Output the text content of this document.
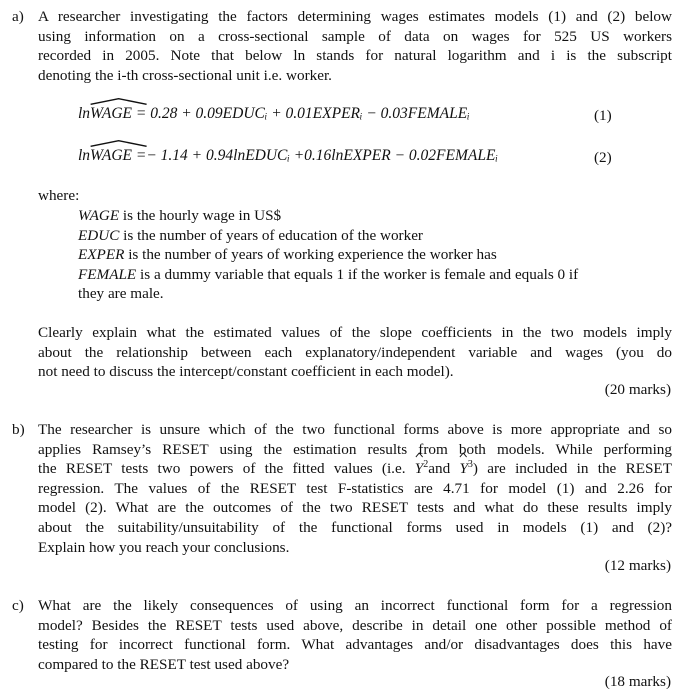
a) A researcher investigating the factors determining wages estimates models (1) and (2) below
using information on a cross-sectional sample of data on wages for 525 US workers
recorded in 2005. Note that below ln stands for natural logarithm and i is the subscript
denoting the i-th cross-sectional unit i.e. worker.
lnWAGE = 0.28 + 0.09EDUCᵢ + 0.01EXPERᵢ − 0.03FEMALEᵢ	(1)
lnWAGE =− 1.14 + 0.94lnEDUCᵢ +0.16lnEXPER − 0.02FEMALEᵢ	(2)
where:
WAGE is the hourly wage in US$
EDUC is the number of years of education of the worker
EXPER is the number of years of working experience the worker has
FEMALE is a dummy variable that equals 1 if the worker is female and equals 0 if
they are male.
Clearly explain what the estimated values of the slope coefficients in the two models imply
about the relationship between each explanatory/independent variable and wages (you do
not need to discuss the intercept/constant coefficient in each model).
(20 marks)
b) The researcher is unsure which of the two functional forms above is more appropriate and so
applies Ramsey’s RESET using the estimation results from both models. While performing
the RESET tests two powers of the fitted values (i.e.
$Y^2and$
$Y^3$) are included in the RESET
regression. The values of the RESET test F-statistics are 4.71 for model (1) and 2.26 for
model (2). What are the outcomes of the two RESET tests and what do these results imply
about the suitability/unsuitability of the functional forms used in models (1) and (2)?
Explain how you reach your conclusions.
(12 marks)
c) What are the likely consequences of using an incorrect functional form for a regression
model? Besides the RESET tests used above, describe in detail one other possible method of
testing for incorrect functional form. What advantages and/or disadvantages does this have
compared to the RESET test used above?
(18 marks)
